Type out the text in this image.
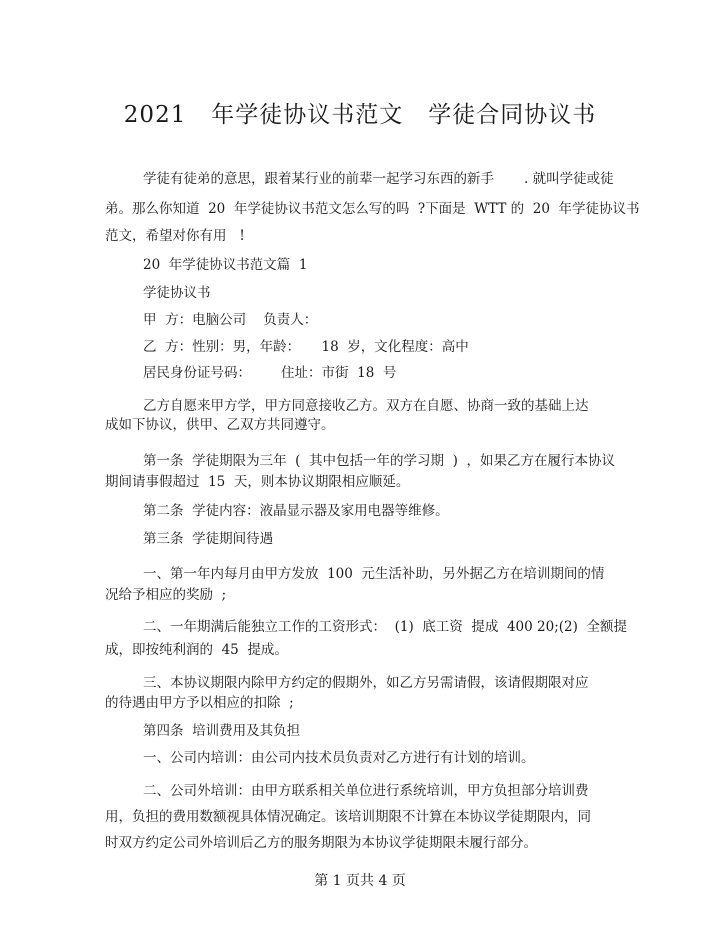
2021   年学徒协议书范文   学徒合同协议书
学徒有徒弟的意思，跟着某行业的前辈一起学习东西的新手       . 就叫学徒或徒
弟。那么你知道  20  年学徒协议书范文怎么写的吗  ?下面是  WTT 的  20  年学徒协议书
范文，希望对你有用   !
20  年学徒协议书范文篇  1
学徒协议书
甲  方：电脑公司    负责人：
乙  方：性别：男，年龄：     18  岁，文化程度：高中
居民身份证号码：       住址：市街  18  号
乙方自愿来甲方学，甲方同意接收乙方。双方在自愿、协商一致的基础上达
成如下协议，供甲、乙双方共同遵守。
第一条  学徒期限为三年  (  其中包括一年的学习期  )  ，如果乙方在履行本协议
期间请事假超过  15  天，则本协议期限相应顺延。
第二条  学徒内容：液晶显示器及家用电器等维修。
第三条  学徒期间待遇
一、第一年内每月由甲方发放  100  元生活补助，另外据乙方在培训期间的情
况给予相应的奖励  ;
二、一年期满后能独立工作的工资形式：  (1)  底工资  提成  400 20;(2)  全额提
成，即按纯利润的  45  提成。
三、本协议期限内除甲方约定的假期外，如乙方另需请假，该请假期限对应
的待遇由甲方予以相应的扣除  ;
第四条  培训费用及其负担
一、公司内培训：由公司内技术员负责对乙方进行有计划的培训。
二、公司外培训：由甲方联系相关单位进行系统培训，甲方负担部分培训费
用，负担的费用数额视具体情况确定。该培训期限不计算在本协议学徒期限内，同
时双方约定公司外培训后乙方的服务期限为本协议学徒期限未履行部分。
第 1 页共 4 页
